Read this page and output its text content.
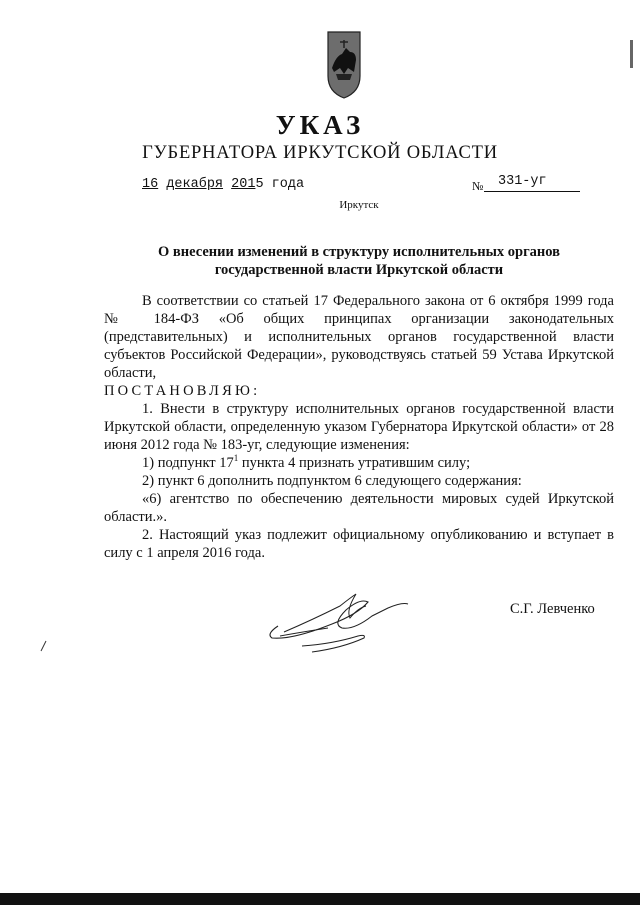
УКАЗ
ГУБЕРНАТОРА ИРКУТСКОЙ ОБЛАСТИ
16 декабря 2015 года	№	331-уг
Иркутск
О внесении изменений в структуру исполнительных органов
государственной власти Иркутской области

В соответствии со статьей 17 Федерального закона от 6 октября 1999 года № 184-ФЗ «Об общих принципах организации законодательных (представительных) и исполнительных органов государственной власти субъектов Российской Федерации», руководствуясь статьей 59 Устава Иркутской области,

ПОСТАНОВЛЯЮ:

1. Внести в структуру исполнительных органов государственной власти Иркутской области, определенную указом Губернатора Иркутской области» от 28 июня 2012 года № 183-уг, следующие изменения:

1) подпункт $17^1$ пункта 4 признать утратившим силу;

2) пункт 6 дополнить подпунктом 6 следующего содержания:

«6) агентство по обеспечению деятельности мировых судей Иркутской области.».

2. Настоящий указ подлежит официальному опубликованию и вступает в силу с 1 апреля 2016 года.

С.Г. Левченко
